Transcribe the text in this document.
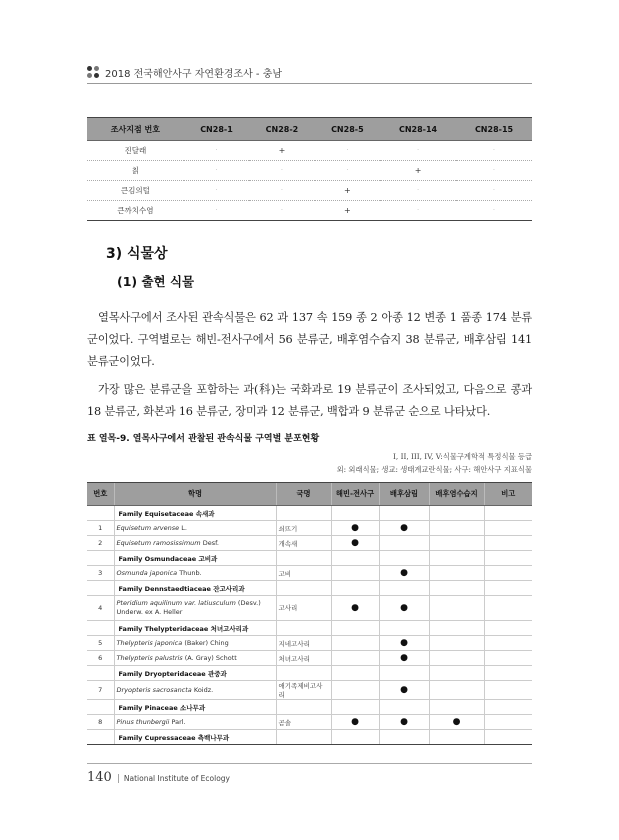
2018 전국해안사구 자연환경조사 - 충남
조사지점 번호	CN28-1	CN28-2	CN28-5	CN28-14	CN28-15
진달래	·	+	·	·	·
칡	·	·	·	+	·
큰김의털	·	·	+	·	·
큰까치수염	·	·	+	·	·
3) 식물상
(1) 출현 식물

열목사구에서 조사된 관속식물은 62 과 137 속 159 종 2 아종 12 변종 1 품종 174 분류군이었다. 구역별로는 해빈-전사구에서 56 분류군, 배후염수습지 38 분류군, 배후삼림 141 분류군이었다.

가장 많은 분류군을 포함하는 과(科)는 국화과로 19 분류군이 조사되었고, 다음으로 콩과 18 분류군, 화본과 16 분류군, 장미과 12 분류군, 백합과 9 분류군 순으로 나타났다.

표 열목-9. 열목사구에서 관찰된 관속식물 구역별 분포현황
I, II, III, IV, V:식물구계학적 특정식물 등급
외: 외래식물; 생교: 생태계교란식물; 사구: 해안사구 지표식물
번호	학명	국명	해빈-전사구	배후삼림	배후염수습지	비고
	Family Equisetaceae 속새과					
1	Equisetum arvense L.	쇠뜨기	●	●		
2	Equisetum ramosissimum Desf.	개속새	●			
	Family Osmundaceae 고비과					
3	Osmunda japonica Thunb.	고비		●		
	Family Dennstaedtiaceae 잔고사리과					
4	Pteridium aquilinum var. latiusculum (Desv.) Underw. ex A. Heller	고사리	●	●		
	Family Thelypteridaceae 처녀고사리과					
5	Thelypteris japonica (Baker) Ching	지네고사리		●		
6	Thelypteris palustris (A. Gray) Schott	처녀고사리		●		
	Family Dryopteridaceae 관중과					
7	Dryopteris sacrosancta Koidz.	애기족제비고사리		●		
	Family Pinaceae 소나무과					
8	Pinus thunbergii Parl.	곰솔	●	●	●	
	Family Cupressaceae 측백나무과					
140 | National Institute of Ecology
